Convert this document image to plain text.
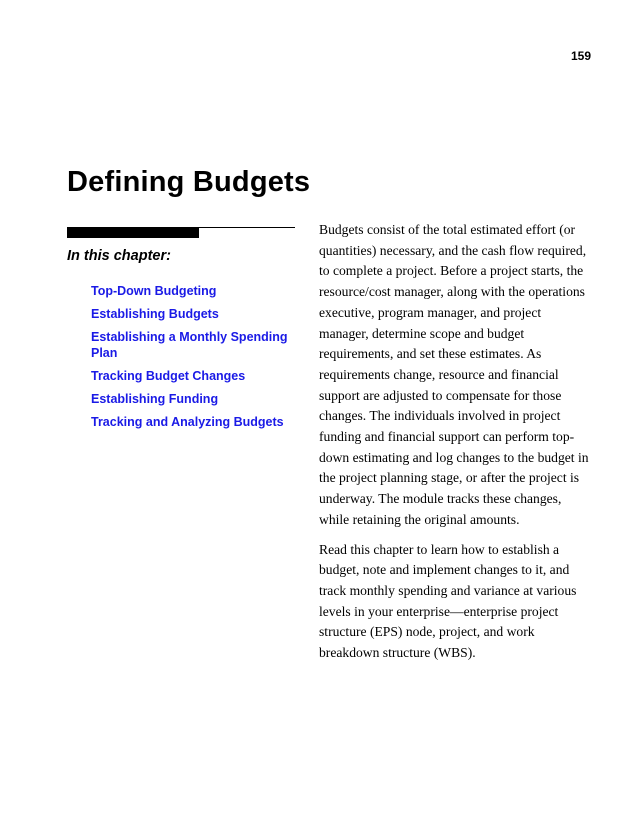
159
Defining Budgets
In this chapter:
Top-Down Budgeting
Establishing Budgets
Establishing a Monthly Spending Plan
Tracking Budget Changes
Establishing Funding
Tracking and Analyzing Budgets

Budgets consist of the total estimated effort (or quantities) necessary, and the cash flow required, to complete a project. Before a project starts, the resource/cost manager, along with the operations executive, program manager, and project manager, determine scope and budget requirements, and set these estimates. As requirements change, resource and financial support are adjusted to compensate for those changes. The individuals involved in project funding and financial support can perform top-down estimating and log changes to the budget in the project planning stage, or after the project is underway. The module tracks these changes, while retaining the original amounts.

Read this chapter to learn how to establish a budget, note and implement changes to it, and track monthly spending and variance at various levels in your enterprise—enterprise project structure (EPS) node, project, and work breakdown structure (WBS).
